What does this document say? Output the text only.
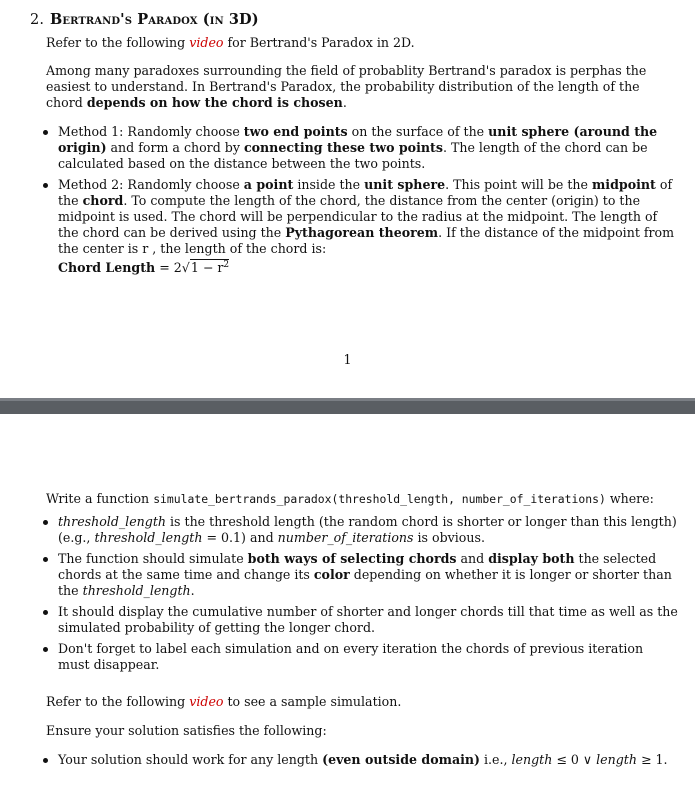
2. Bertrand's Paradox (in 3D)

Refer to the following video for Bertrand's Paradox in 2D.

Among many paradoxes surrounding the field of probablity Bertrand's paradox is perphas the easiest to understand. In Bertrand's Paradox, the probability distribution of the length of the chord depends on how the chord is chosen.

Method 1: Randomly choose two end points on the surface of the unit sphere (around the origin) and form a chord by connecting these two points. The length of the chord can be calculated based on the distance between the two points.
Method 2: Randomly choose a point inside the unit sphere. This point will be the midpoint of the chord. To compute the length of the chord, the distance from the center (origin) to the midpoint is used. The chord will be perpendicular to the radius at the midpoint. The length of the chord can be derived using the Pythagorean theorem. If the distance of the midpoint from the center is r , the length of the chord is:
Chord Length = $2√1 - r^2$
1

Write a function simulate_bertrands_paradox(threshold_length, number_of_iterations) where:

threshold_length is the threshold length (the random chord is shorter or longer than this length) (e.g., threshold_length = 0.1) and number_of_iterations is obvious.
The function should simulate both ways of selecting chords and display both the selected chords at the same time and change its color depending on whether it is longer or shorter than the threshold_length.
It should display the cumulative number of shorter and longer chords till that time as well as the simulated probability of getting the longer chord.
Don't forget to label each simulation and on every iteration the chords of previous iteration must disappear.

Refer to the following video to see a sample simulation.

Ensure your solution satisfies the following:

Your solution should work for any length (even outside domain) i.e., length ≤ 0 ∨ length ≥ 1.
